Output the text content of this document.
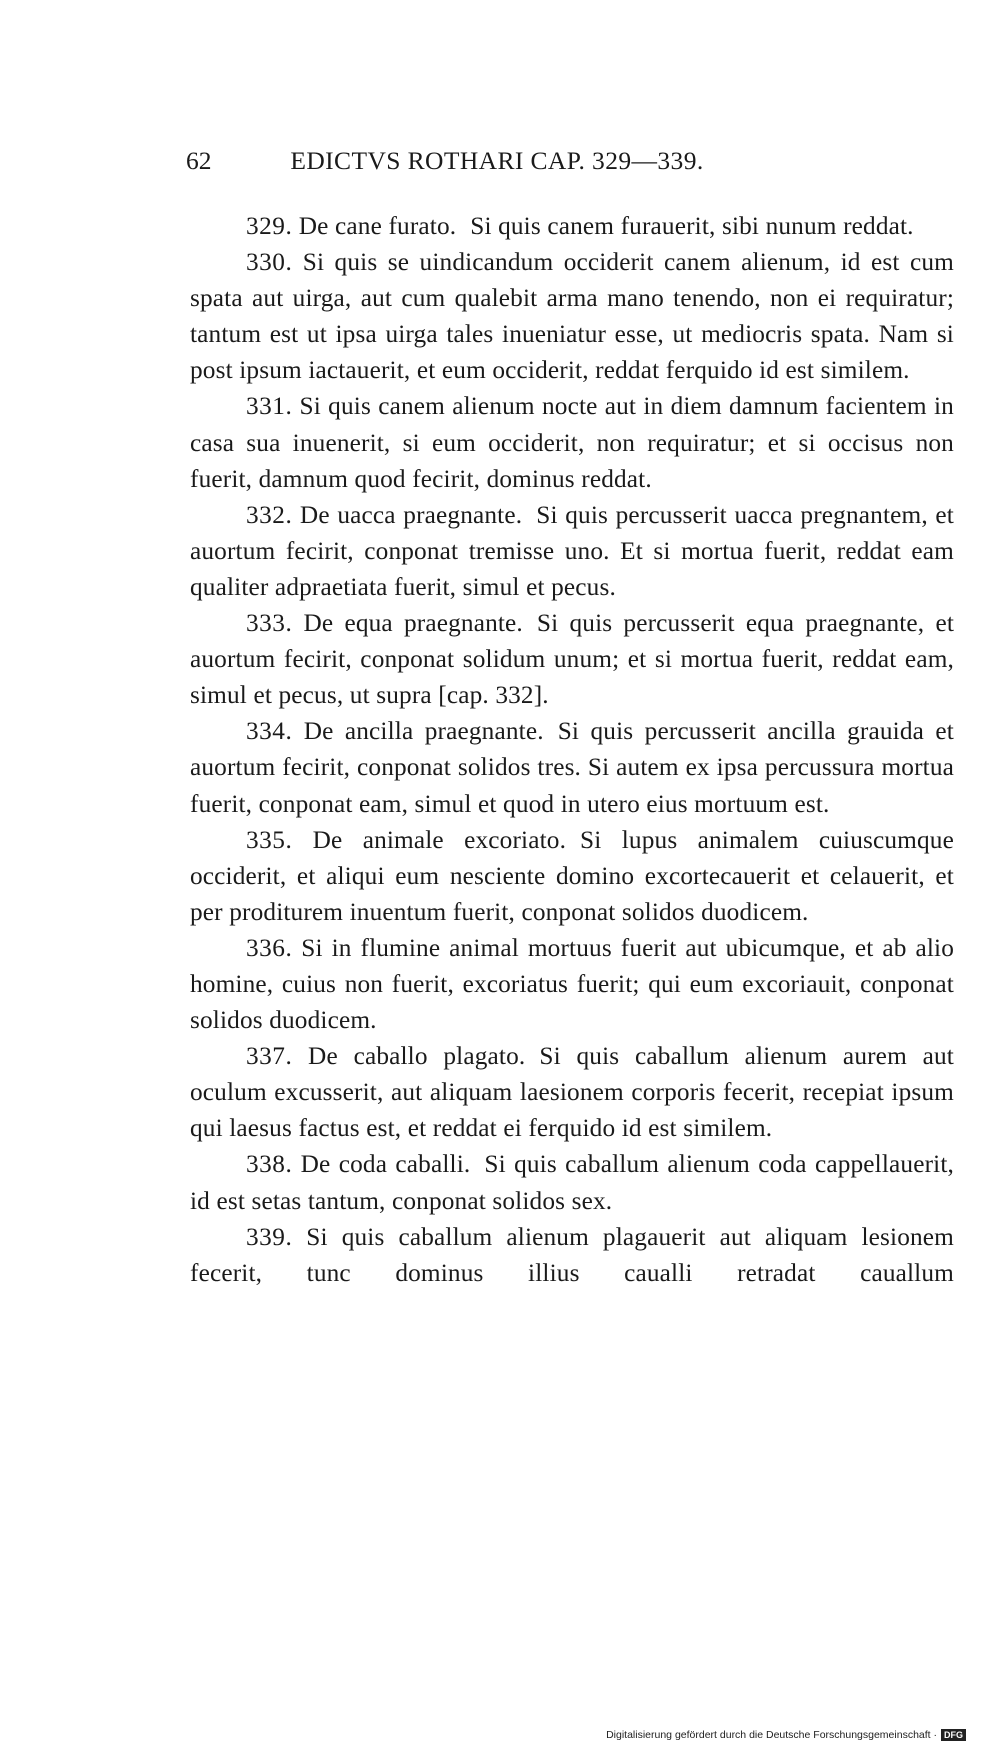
62	EDICTVS ROTHARI CAP. 329—339.

329. De cane furato. Si quis canem furauerit, sibi nunum reddat.

330. Si quis se uindicandum occiderit canem alienum, id est cum spata aut uirga, aut cum qualebit arma mano tenendo, non ei requiratur; tantum est ut ipsa uirga tales inueniatur esse, ut mediocris spata. Nam si post ipsum iactauerit, et eum occiderit, reddat ferquido id est similem.

331. Si quis canem alienum nocte aut in diem damnum facientem in casa sua inuenerit, si eum occiderit, non requiratur; et si occisus non fuerit, damnum quod fecirit, dominus reddat.

332. De uacca praegnante. Si quis percusserit uacca pregnantem, et auortum fecirit, conponat tremisse uno. Et si mortua fuerit, reddat eam qualiter adpraetiata fuerit, simul et pecus.

333. De equa praegnante. Si quis percusserit equa praegnante, et auortum fecirit, conponat solidum unum; et si mortua fuerit, reddat eam, simul et pecus, ut supra [cap. 332].

334. De ancilla praegnante. Si quis percusserit ancilla grauida et auortum fecirit, conponat solidos tres. Si autem ex ipsa percussura mortua fuerit, conponat eam, simul et quod in utero eius mortuum est.

335. De animale excoriato. Si lupus animalem cuiuscumque occiderit, et aliqui eum nesciente domino excortecauerit et celauerit, et per proditurem inuentum fuerit, conponat solidos duodicem.

336. Si in flumine animal mortuus fuerit aut ubicumque, et ab alio homine, cuius non fuerit, excoriatus fuerit; qui eum excoriauit, conponat solidos duodicem.

337. De caballo plagato. Si quis caballum alienum aurem aut oculum excusserit, aut aliquam laesionem corporis fecerit, recepiat ipsum qui laesus factus est, et reddat ei ferquido id est similem.

338. De coda caballi. Si quis caballum alienum coda cappellauerit, id est setas tantum, conponat solidos sex.

339. Si quis caballum alienum plagauerit aut aliquam lesionem fecerit, tunc dominus illius caualli retradat cauallum

Digitalisierung gefördert durch die Deutsche Forschungsgemeinschaft · DFG
